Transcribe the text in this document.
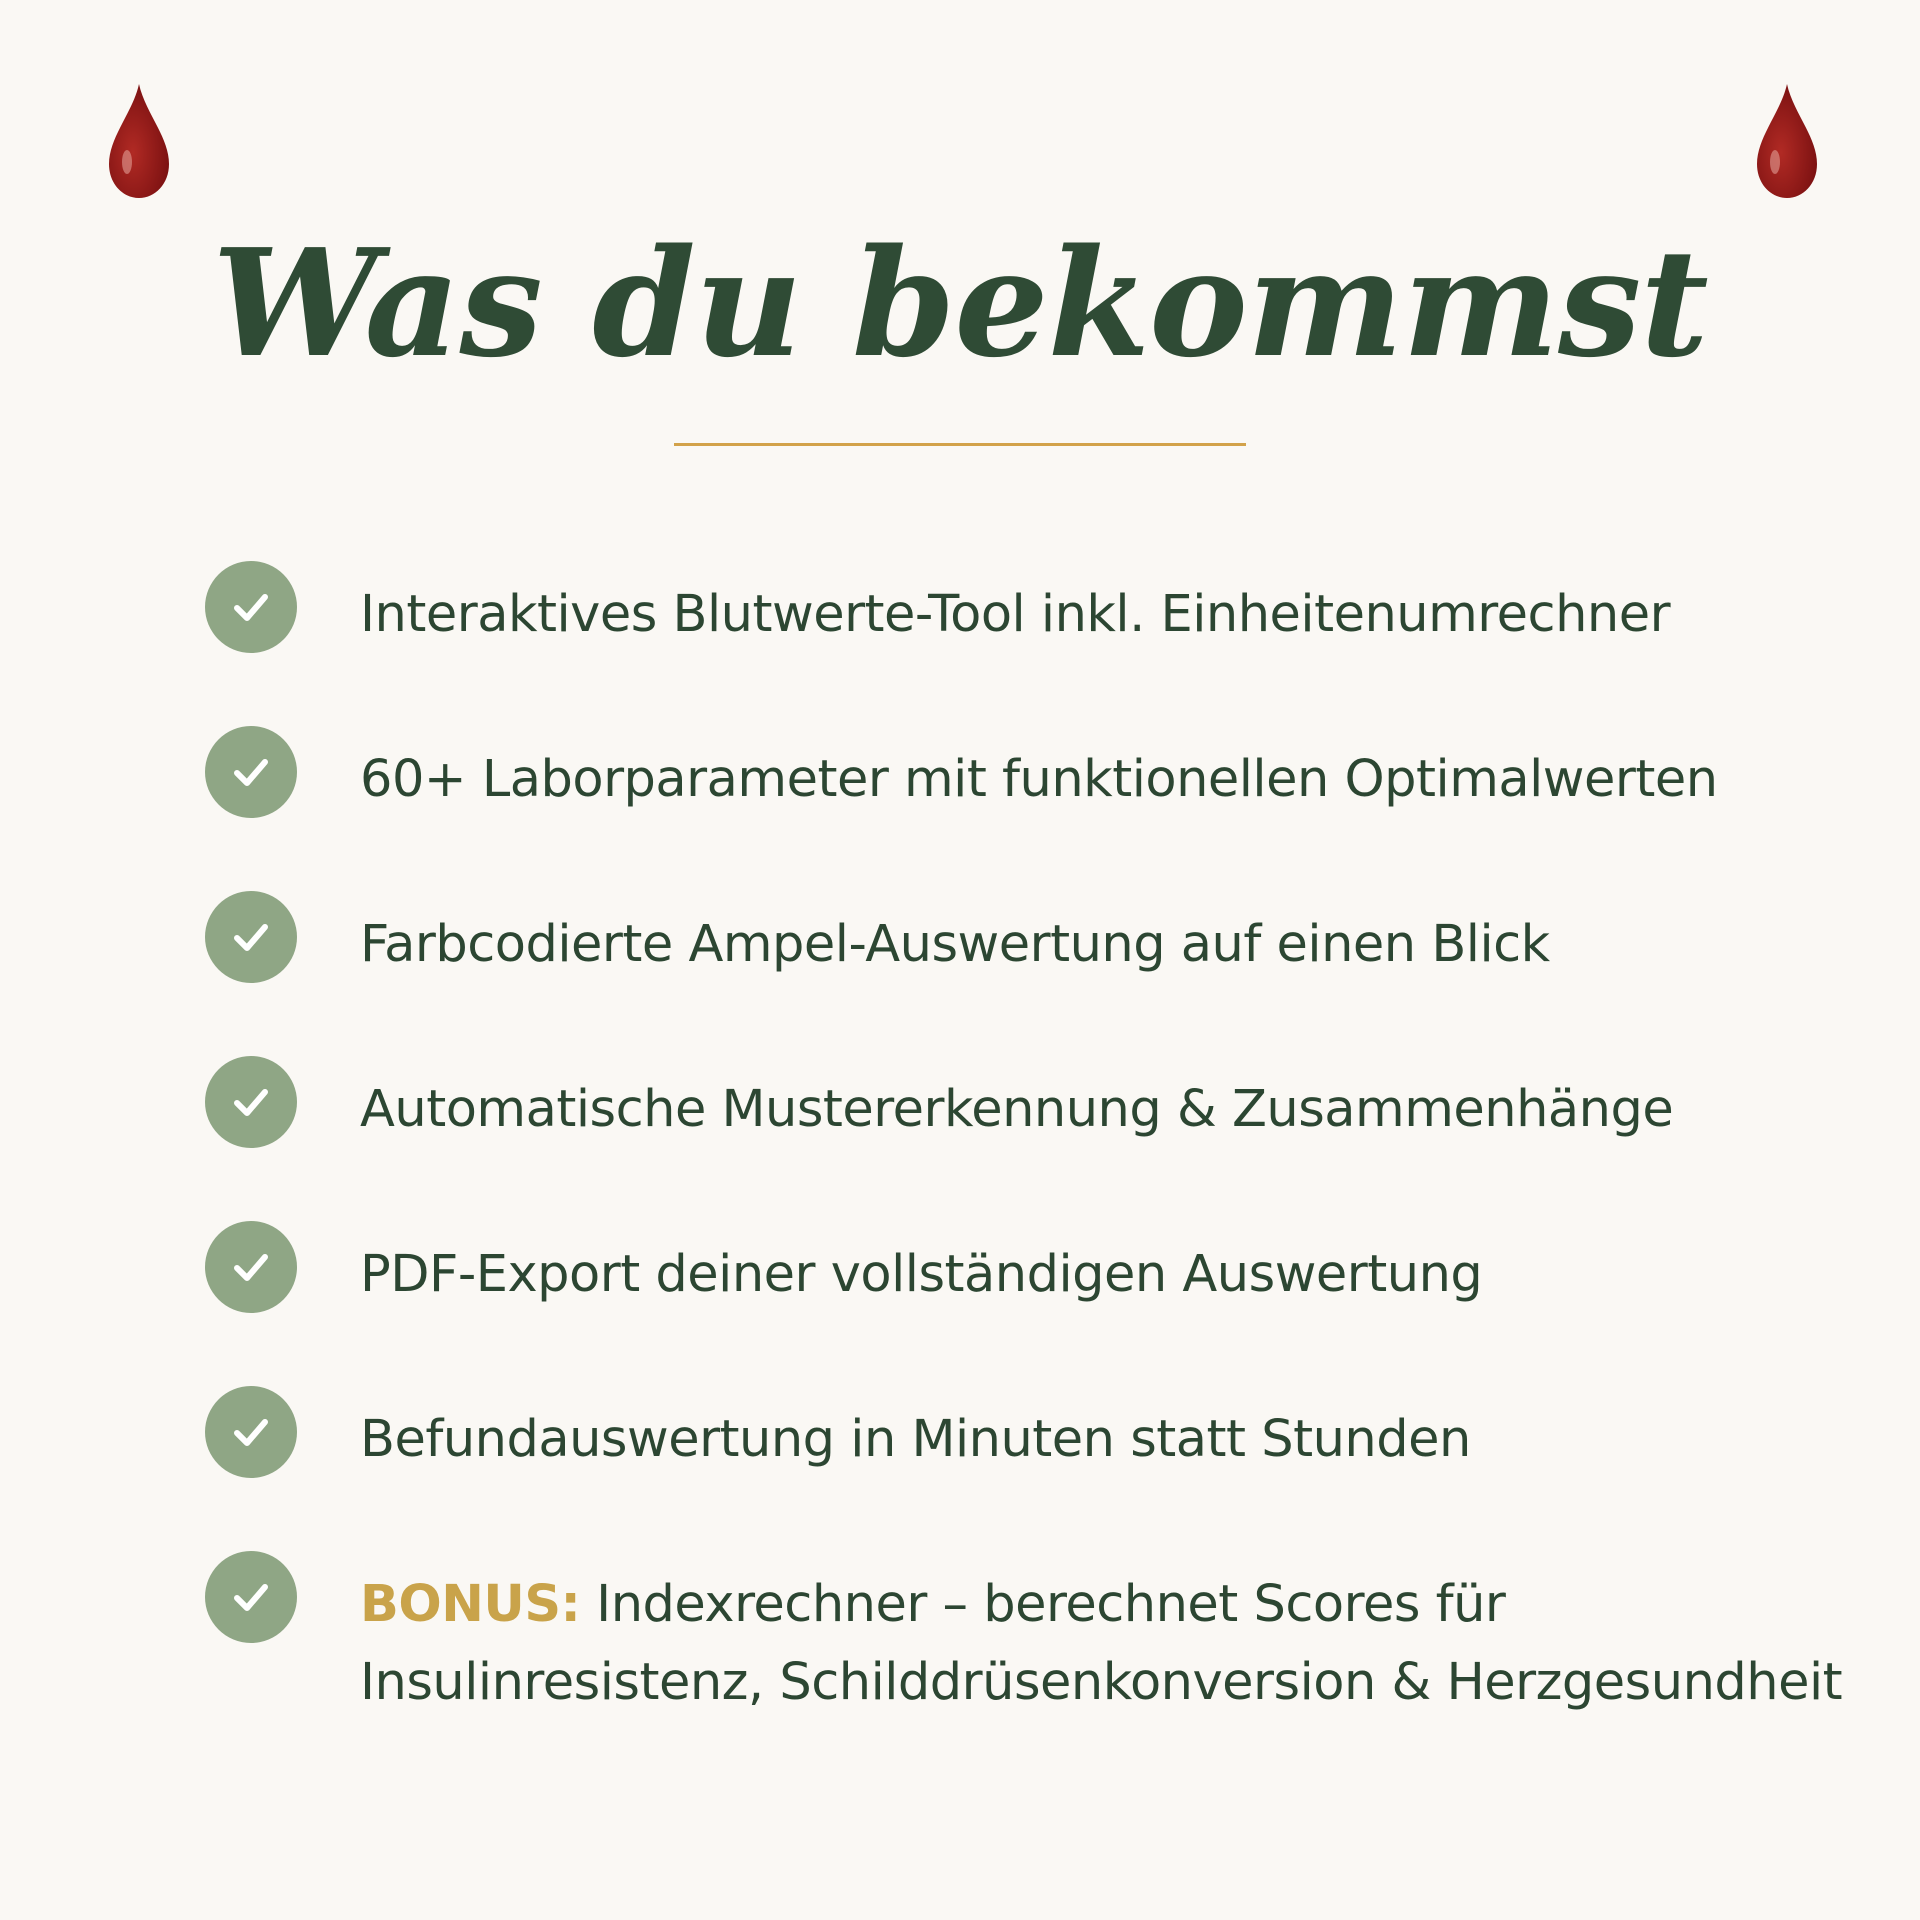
Was du bekommst
Interaktives Blutwerte-Tool inkl. Einheitenumrechner
60+ Laborparameter mit funktionellen Optimalwerten
Farbcodierte Ampel-Auswertung auf einen Blick
Automatische Mustererkennung & Zusammenhänge
PDF-Export deiner vollständigen Auswertung
Befundauswertung in Minuten statt Stunden
BONUS: Indexrechner – berechnet Scores für
Insulinresistenz, Schilddrüsenkonversion & Herzgesundheit
